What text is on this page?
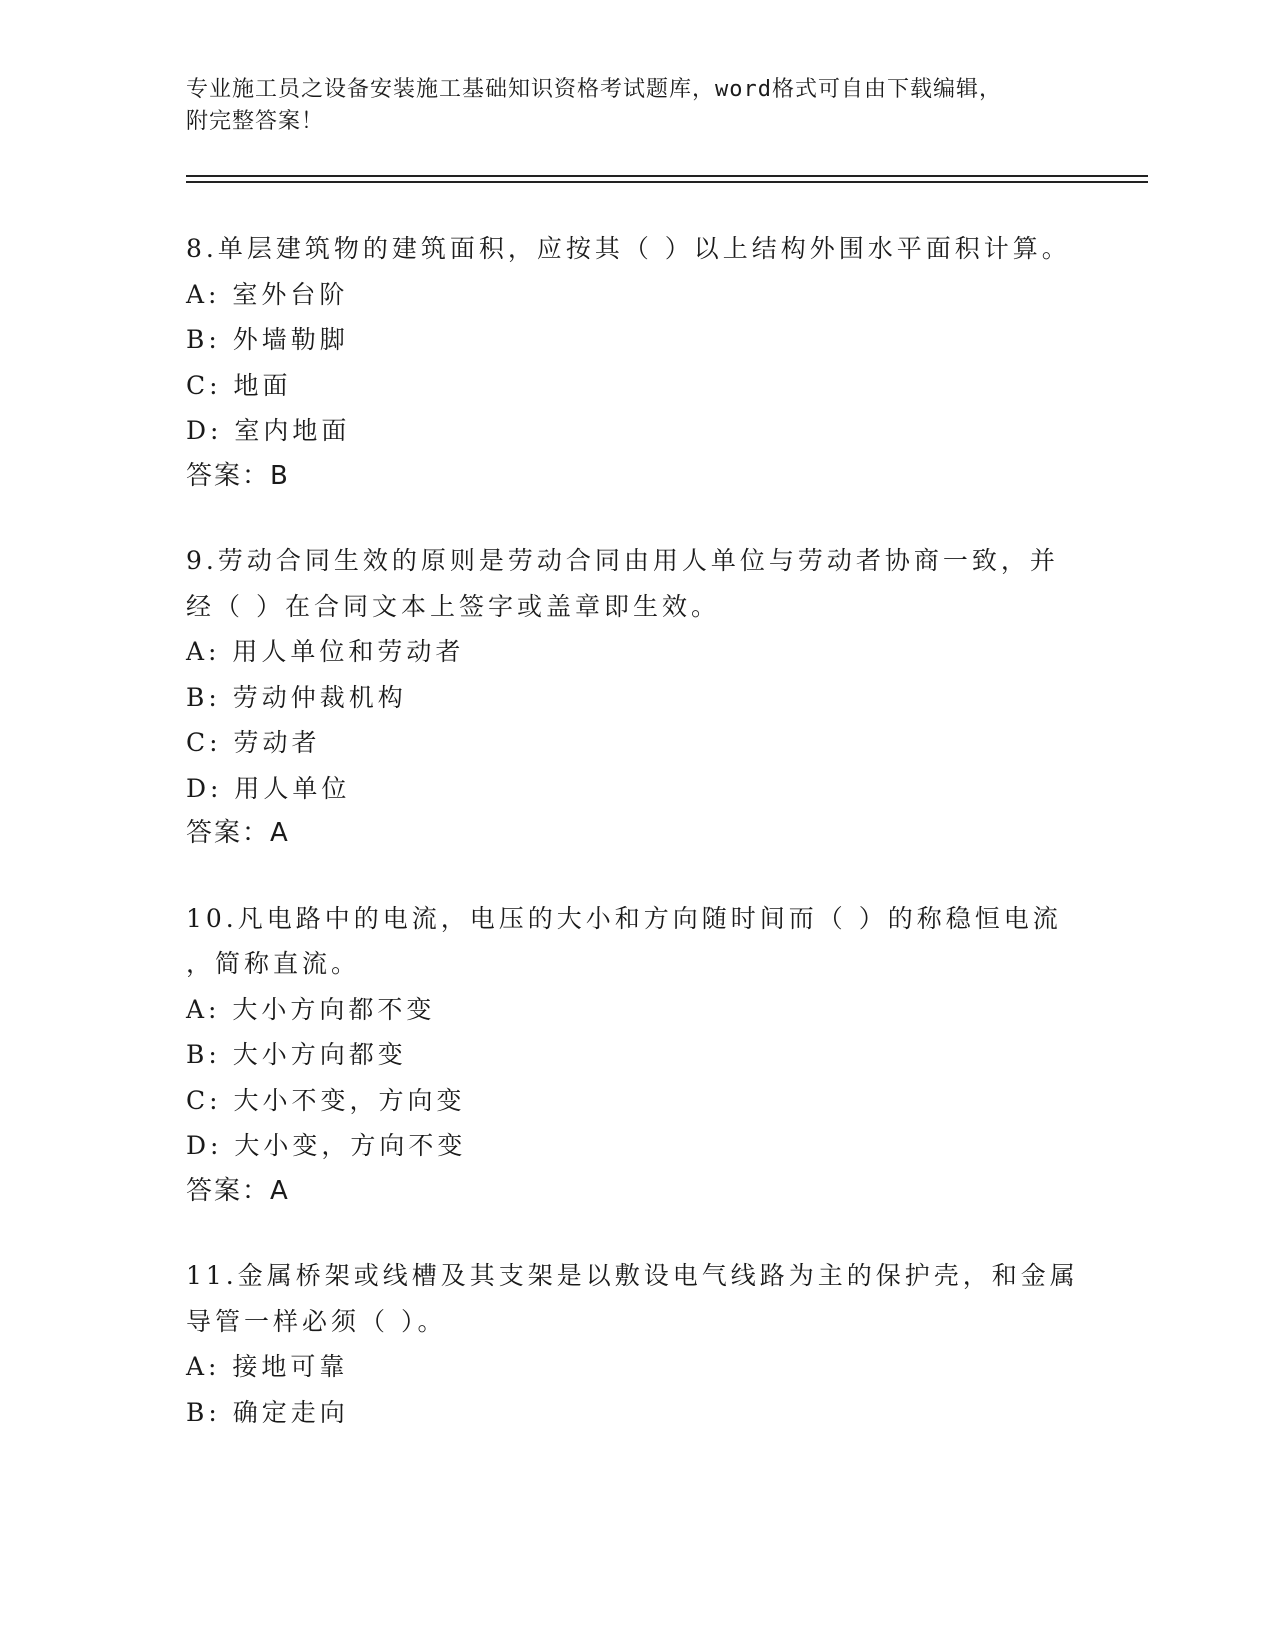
专业施工员之设备安装施工基础知识资格考试题库，word格式可自由下载编辑，
附完整答案！
8.单层建筑物的建筑面积，应按其（ ）以上结构外围水平面积计算。
A: 室外台阶
B: 外墙勒脚
C: 地面
D: 室内地面
答案：B
9.劳动合同生效的原则是劳动合同由用人单位与劳动者协商一致，并
经（ ）在合同文本上签字或盖章即生效。
A: 用人单位和劳动者
B: 劳动仲裁机构
C: 劳动者
D: 用人单位
答案：A
10.凡电路中的电流，电压的大小和方向随时间而（ ）的称稳恒电流
，简称直流。
A: 大小方向都不变
B: 大小方向都变
C: 大小不变，方向变
D: 大小变，方向不变
答案：A
11.金属桥架或线槽及其支架是以敷设电气线路为主的保护壳，和金属
导管一样必须（ ）。
A: 接地可靠
B: 确定走向
